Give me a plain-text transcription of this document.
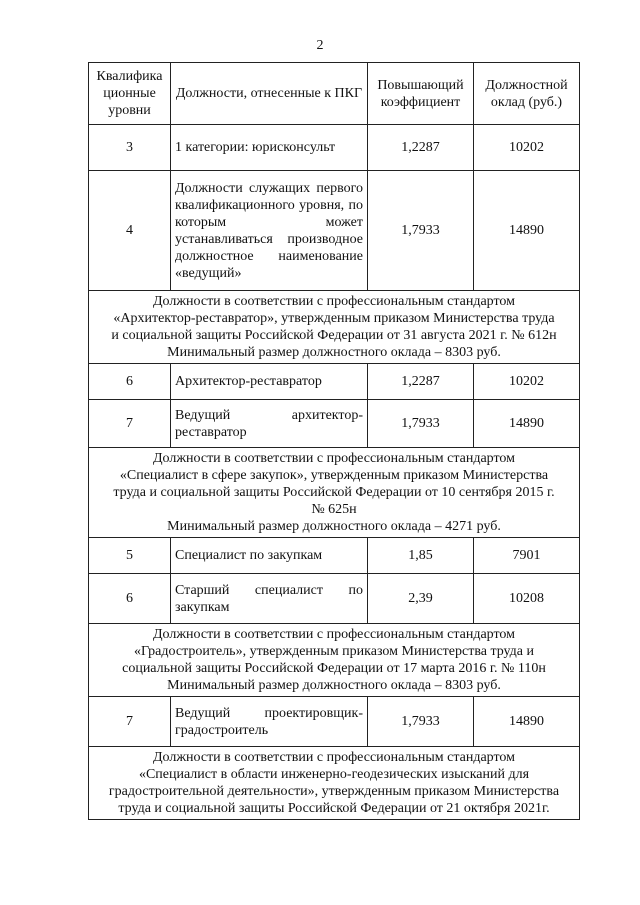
2
Квалифика ционные уровни	Должности, отнесенные к ПКГ	Повышающий коэффициент	Должностной оклад (руб.)
3	1 категории: юрисконсульт	1,2287	10202
4	Должности служащих первого квалификационного уровня, по которым может устанавливаться производное должностное наименование «ведущий»	1,7933	14890

Должности в соответствии с профессиональным стандартом
«Архитектор-реставратор», утвержденным приказом Министерства труда
и социальной защиты Российской Федерации от 31 августа 2021 г. № 612н
Минимальный размер должностного оклада – 8303 руб.			

6	Архитектор-реставратор	1,2287	10202
7	Ведущий архитектор-реставратор	1,7933	14890

Должности в соответствии с профессиональным стандартом
«Специалист в сфере закупок», утвержденным приказом Министерства
труда и социальной защиты Российской Федерации от 10 сентября 2015 г.
№ 625н
Минимальный размер должностного оклада – 4271 руб.			

5	Специалист по закупкам	1,85	7901
6	Старший специалист по закупкам	2,39	10208

Должности в соответствии с профессиональным стандартом
«Градостроитель», утвержденным приказом Министерства труда и
социальной защиты Российской Федерации от 17 марта 2016 г. № 110н
Минимальный размер должностного оклада – 8303 руб.			

7	Ведущий проектировщик-градостроитель	1,7933	14890

Должности в соответствии с профессиональным стандартом
«Специалист в области инженерно-геодезических изысканий для
градостроительной деятельности», утвержденным приказом Министерства
труда и социальной защиты Российской Федерации от 21 октября 2021г.			
